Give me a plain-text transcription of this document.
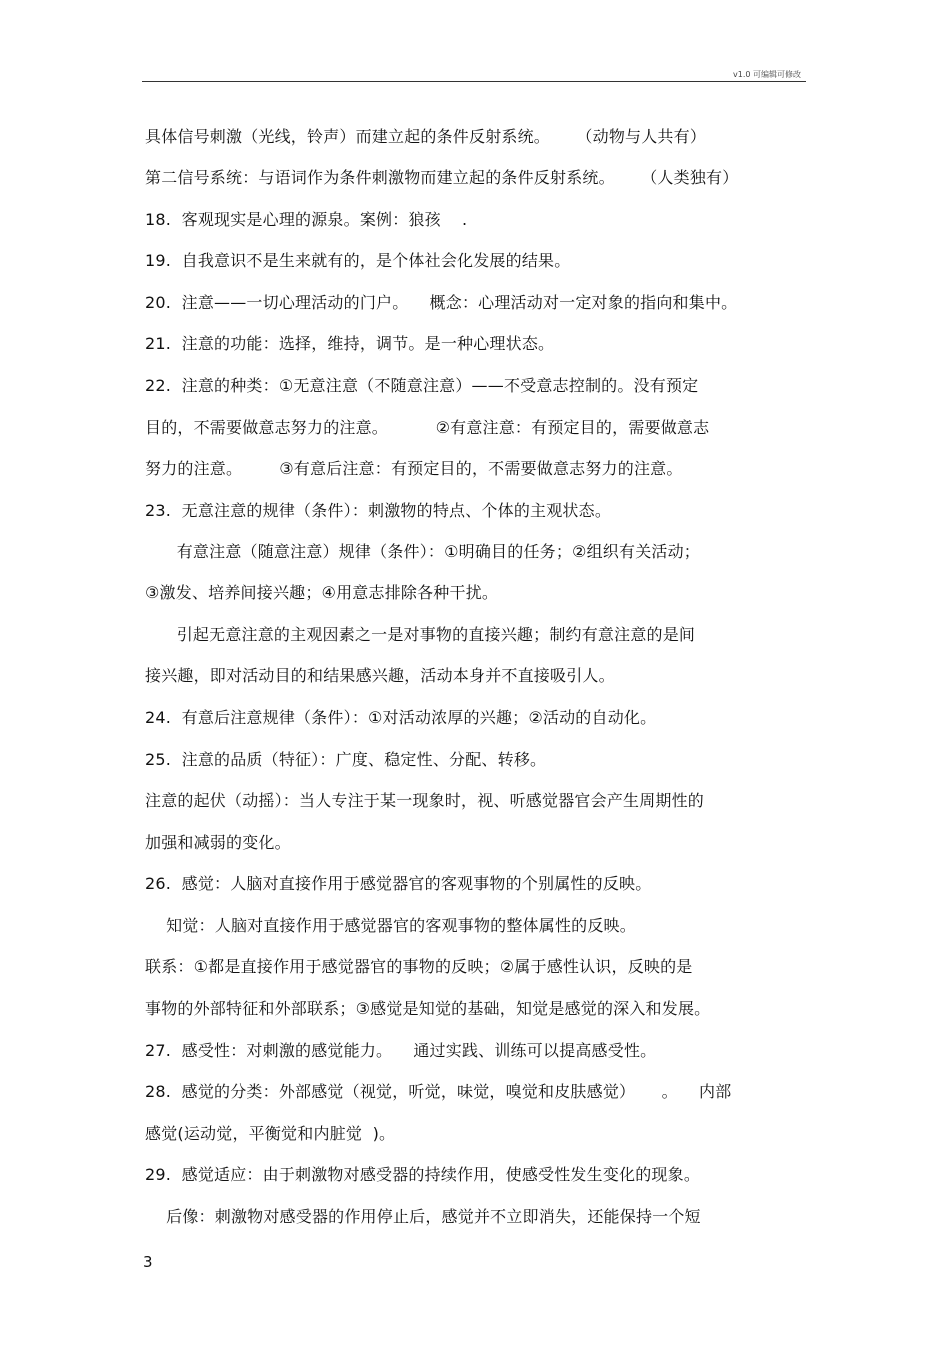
v1.0 可编辑可修改
具体信号刺激（光线，铃声）而建立起的条件反射系统。     （动物与人共有）
第二信号系统：与语词作为条件刺激物而建立起的条件反射系统。     （人类独有）
18.  客观现实是心理的源泉。案例：狼孩    .
19.  自我意识不是生来就有的，是个体社会化发展的结果。
20.  注意——一切心理活动的门户。    概念：心理活动对一定对象的指向和集中。
21.  注意的功能：选择，维持，调节。是一种心理状态。
22.  注意的种类：①无意注意（不随意注意）——不受意志控制的。没有预定
目的，不需要做意志努力的注意。         ②有意注意：有预定目的，需要做意志
努力的注意。       ③有意后注意：有预定目的，不需要做意志努力的注意。
23.  无意注意的规律（条件）：刺激物的特点、个体的主观状态。
有意注意（随意注意）规律（条件）：①明确目的任务；②组织有关活动；
③激发、培养间接兴趣；④用意志排除各种干扰。
引起无意注意的主观因素之一是对事物的直接兴趣；制约有意注意的是间
接兴趣，即对活动目的和结果感兴趣，活动本身并不直接吸引人。
24.  有意后注意规律（条件）：①对活动浓厚的兴趣；②活动的自动化。
25.  注意的品质（特征）：广度、稳定性、分配、转移。
注意的起伏（动摇）：当人专注于某一现象时，视、听感觉器官会产生周期性的
加强和减弱的变化。
26.  感觉：人脑对直接作用于感觉器官的客观事物的个别属性的反映。
知觉：人脑对直接作用于感觉器官的客观事物的整体属性的反映。
联系：①都是直接作用于感觉器官的事物的反映；②属于感性认识，反映的是
事物的外部特征和外部联系；③感觉是知觉的基础，知觉是感觉的深入和发展。
27.  感受性：对刺激的感觉能力。    通过实践、训练可以提高感受性。
28.  感觉的分类：外部感觉（视觉，听觉，味觉，嗅觉和皮肤感觉）     。    内部
感觉(运动觉，平衡觉和内脏觉  )。
29.  感觉适应：由于刺激物对感受器的持续作用，使感受性发生变化的现象。
后像：刺激物对感受器的作用停止后，感觉并不立即消失，还能保持一个短
3
